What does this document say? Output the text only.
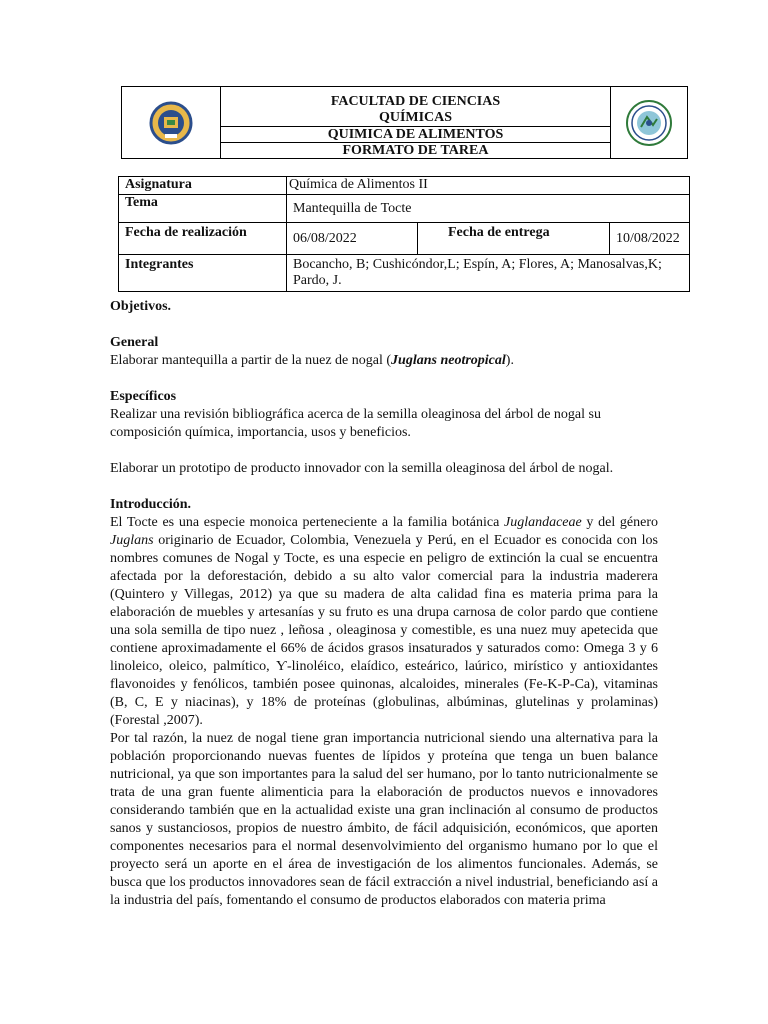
FACULTAD DE CIENCIAS
QUÍMICAS
QUIMICA DE ALIMENTOS
FORMATO DE TAREA
Asignatura	Química de Alimentos II		
Tema	Mantequilla de Tocte		
Fecha de realización	06/08/2022	Fecha de entrega	10/08/2022
Integrantes	Bocancho, B; Cushicóndor,L; Espín, A; Flores, A; Manosalvas,K; Pardo, J.		

Objetivos.

General

Elaborar mantequilla a partir de la nuez de nogal (Juglans neotropical).

Específicos

Realizar una revisión bibliográfica acerca de la semilla oleaginosa del árbol de nogal su composición química, importancia, usos y beneficios.

Elaborar un prototipo de producto innovador con la semilla oleaginosa del árbol de nogal.

Introducción.

El Tocte es una especie monoica perteneciente a la familia botánica Juglandaceae y del género Juglans originario de Ecuador, Colombia, Venezuela y Perú, en el Ecuador es conocida con los nombres comunes de Nogal y Tocte, es una especie en peligro de extinción la cual se encuentra afectada por la deforestación, debido a su alto valor comercial para la industria maderera (Quintero y Villegas, 2012) ya que su madera de alta calidad fina es materia prima para la elaboración de muebles y artesanías y su fruto es una drupa carnosa de color pardo que contiene una sola semilla de tipo nuez , leñosa , oleaginosa y comestible, es una nuez muy apetecida que contiene aproximadamente el 66% de ácidos grasos insaturados y saturados como: Omega 3 y 6 linoleico, oleico, palmítico, Ƴ-linoléico, elaídico, esteárico, laúrico, mirístico y antioxidantes flavonoides y fenólicos, también posee quinonas, alcaloides, minerales (Fe-K-P-Ca), vitaminas (B, C, E y niacinas), y 18% de proteínas (globulinas, albúminas, glutelinas y prolaminas) (Forestal ,2007).

Por tal razón, la nuez de nogal tiene gran importancia nutricional siendo una alternativa para la población proporcionando nuevas fuentes de lípidos y proteína que tenga un buen balance nutricional, ya que son importantes para la salud del ser humano, por lo tanto nutricionalmente se trata de una gran fuente alimenticia para la elaboración de productos nuevos e innovadores considerando también que en la actualidad existe una gran inclinación al consumo de productos sanos y sustanciosos, propios de nuestro ámbito, de fácil adquisición, económicos, que aporten componentes necesarios para el normal desenvolvimiento del organismo humano por lo que el proyecto será un aporte en el área de investigación de los alimentos funcionales. Además, se busca que los productos innovadores sean de fácil extracción a nivel industrial, beneficiando así a la industria del país, fomentando el consumo de productos elaborados con materia prima
